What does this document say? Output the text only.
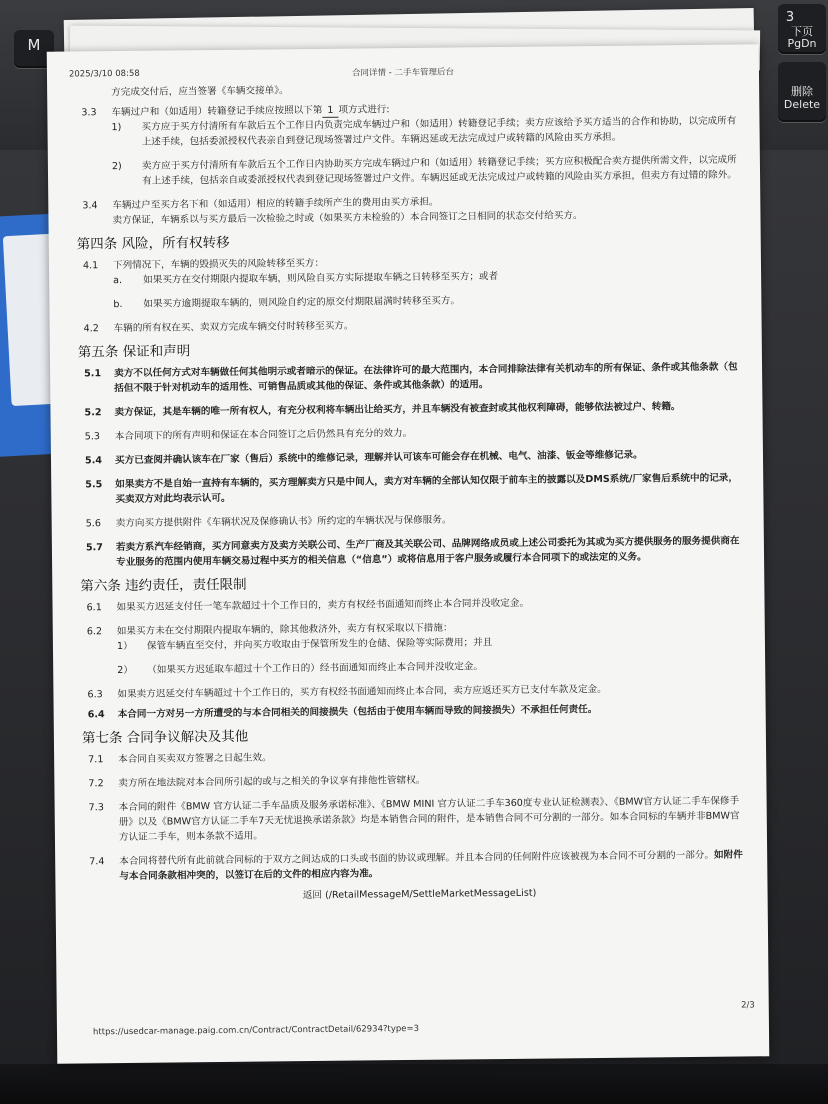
M
3
下页
PgDn
删除
Delete
2025/3/10 08:58	合同详情 - 二手车管理后台

方完成交付后，应当签署《车辆交接单》。

3.3	车辆过户和（如适用）转籍登记手续应按照以下第 1 项方式进行:
1)	买方应于买方付清所有车款后五个工作日内负责完成车辆过户和（如适用）转籍登记手续；卖方应该给予买方适当的合作和协助，以完成所有上述手续，包括委派授权代表亲自到登记现场签署过户文件。车辆迟延或无法完成过户或转籍的风险由买方承担。
2)	卖方应于买方付清所有车款后五个工作日内协助买方完成车辆过户和（如适用）转籍登记手续；买方应积极配合卖方提供所需文件，以完成所有上述手续，包括亲自或委派授权代表到登记现场签署过户文件。车辆迟延或无法完成过户或转籍的风险由买方承担，但卖方有过错的除外。
3.4	车辆过户至买方名下和（如适用）相应的转籍手续所产生的费用由买方承担。
卖方保证，车辆系以与买方最后一次检验之时或（如果买方未检验的）本合同签订之日相同的状态交付给买方。
第四条 风险，所有权转移
4.1	下列情况下，车辆的毁损灭失的风险转移至买方：
a.	如果买方在交付期限内提取车辆，则风险自买方实际提取车辆之日转移至买方；或者
b.	如果买方逾期提取车辆的，则风险自约定的原交付期限届满时转移至买方。
4.2	车辆的所有权在买、卖双方完成车辆交付时转移至买方。
第五条 保证和声明
5.1	卖方不以任何方式对车辆做任何其他明示或者暗示的保证。在法律许可的最大范围内，本合同排除法律有关机动车的所有保证、条件或其他条款（包括但不限于针对机动车的适用性、可销售品质或其他的保证、条件或其他条款）的适用。
5.2	卖方保证，其是车辆的唯一所有权人，有充分权利将车辆出让给买方，并且车辆没有被查封或其他权利障碍，能够依法被过户、转籍。
5.3	本合同项下的所有声明和保证在本合同签订之后仍然具有充分的效力。
5.4	买方已查阅并确认该车在厂家（售后）系统中的维修记录，理解并认可该车可能会存在机械、电气、油漆、钣金等维修记录。
5.5	如果卖方不是自始一直持有车辆的，买方理解卖方只是中间人，卖方对车辆的全部认知仅限于前车主的披露以及DMS系统/厂家售后系统中的记录，买卖双方对此均表示认可。
5.6	卖方向买方提供附件《车辆状况及保修确认书》所约定的车辆状况与保修服务。
5.7	若卖方系汽车经销商，买方同意卖方及卖方关联公司、生产厂商及其关联公司、品牌网络成员或上述公司委托为其或为买方提供服务的服务提供商在专业服务的范围内使用车辆交易过程中买方的相关信息（“信息”）或将信息用于客户服务或履行本合同项下的或法定的义务。
第六条 违约责任，责任限制
6.1	如果买方迟延支付任一笔车款超过十个工作日的，卖方有权经书面通知而终止本合同并没收定金。
6.2	如果买方未在交付期限内提取车辆的，除其他救济外，卖方有权采取以下措施：
1）	保管车辆直至交付，并向买方收取由于保管所发生的仓储、保险等实际费用；并且
2）	（如果买方迟延取车超过十个工作日的）经书面通知而终止本合同并没收定金。
6.3	如果卖方迟延交付车辆超过十个工作日的，买方有权经书面通知而终止本合同，卖方应返还买方已支付车款及定金。
6.4	本合同一方对另一方所遭受的与本合同相关的间接损失（包括由于使用车辆而导致的间接损失）不承担任何责任。
第七条 合同争议解决及其他
7.1	本合同自买卖双方签署之日起生效。
7.2	卖方所在地法院对本合同所引起的或与之相关的争议享有排他性管辖权。
7.3	本合同的附件《BMW 官方认证二手车品质及服务承诺标准》、《BMW MINI 官方认证二手车360度专业认证检测表》、《BMW官方认证二手车保修手册》以及《BMW官方认证二手车7天无忧退换承诺条款》均是本销售合同的附件，是本销售合同不可分割的一部分。如本合同标的车辆并非BMW官方认证二手车，则本条款不适用。
7.4	本合同将替代所有此前就合同标的于双方之间达成的口头或书面的协议或理解。并且本合同的任何附件应该被视为本合同不可分割的一部分。如附件与本合同条款相冲突的，以签订在后的文件的相应内容为准。
返回 (/RetailMessageM/SettleMarketMessageList)
2/3
https://usedcar-manage.paig.com.cn/Contract/ContractDetail/62934?type=3
